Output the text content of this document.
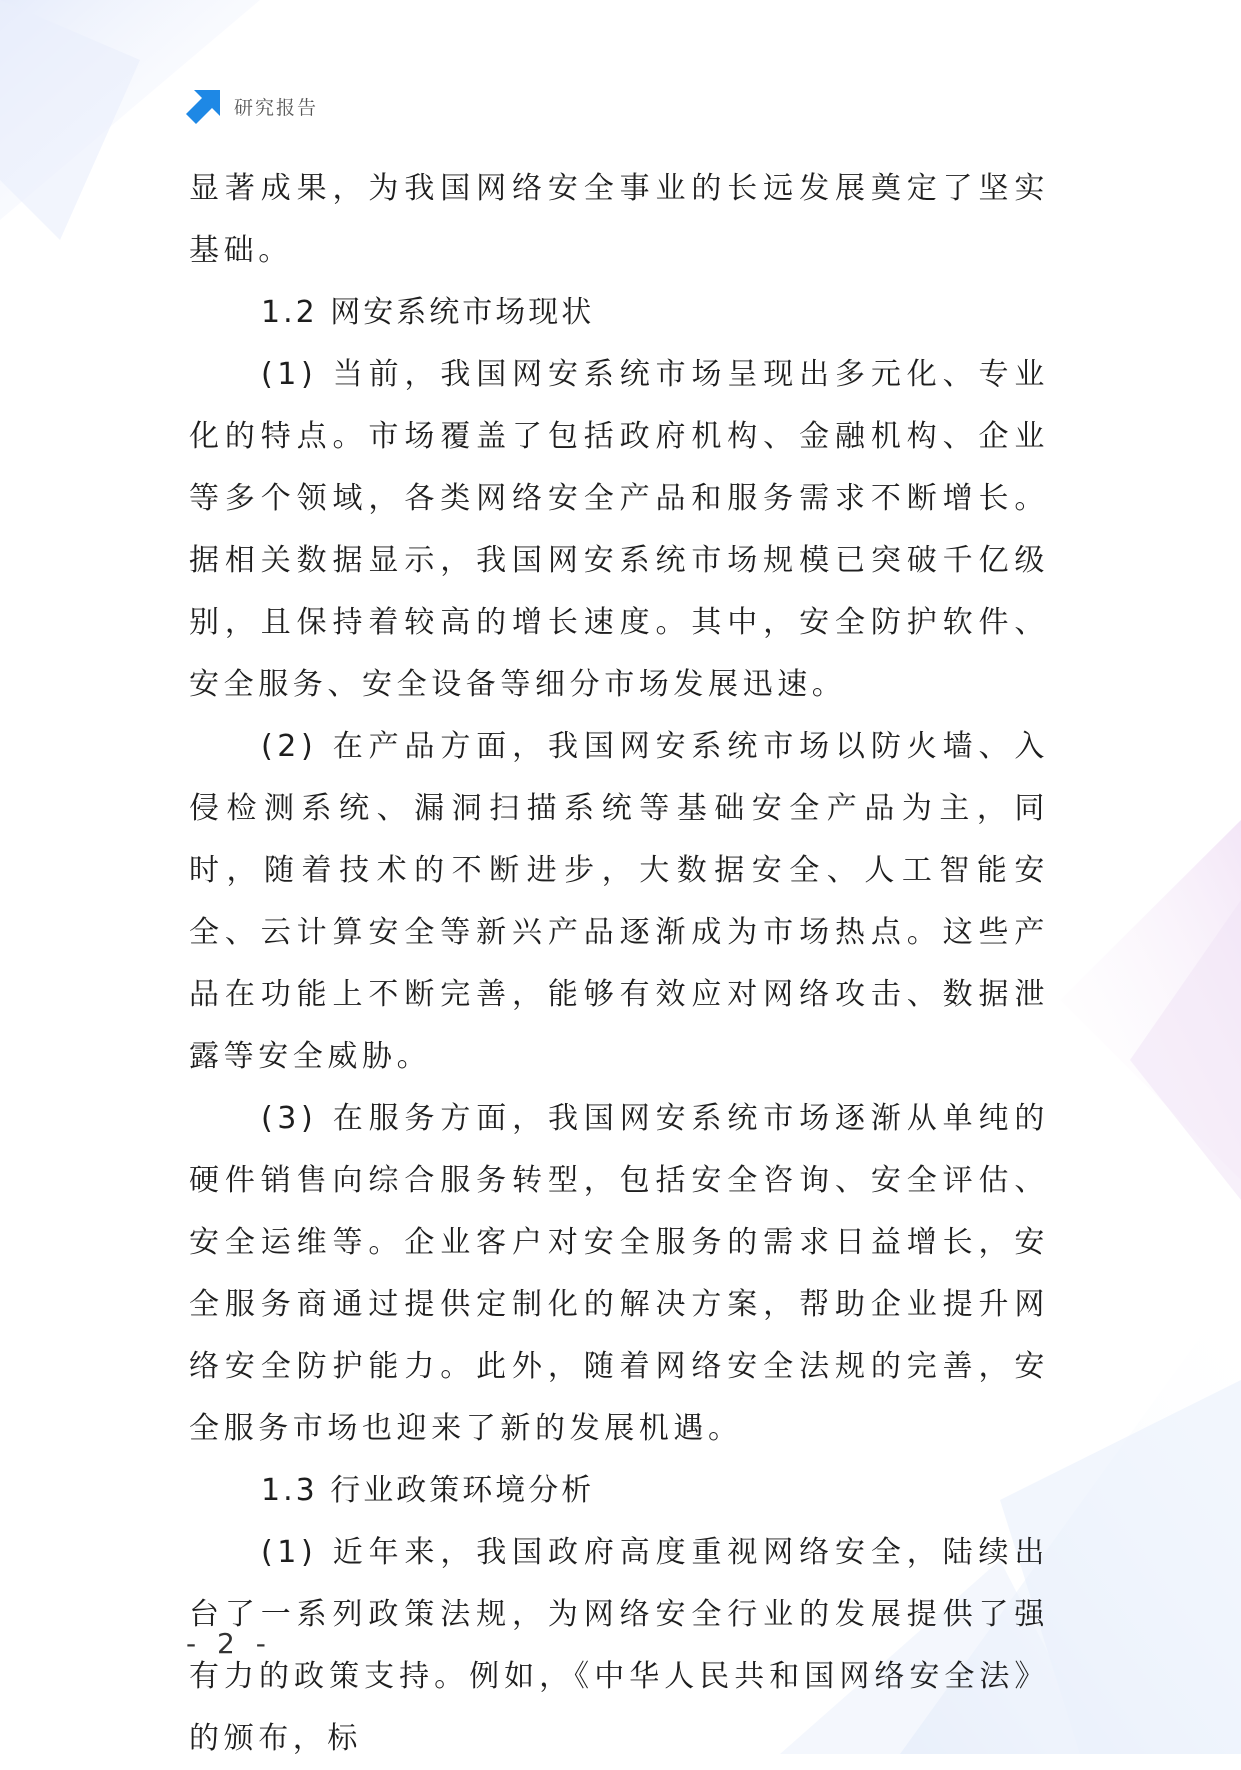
研究报告

显著成果，为我国网络安全事业的长远发展奠定了坚实基础。

1.2 网安系统市场现状

(1) 当前，我国网安系统市场呈现出多元化、专业化的特点。市场覆盖了包括政府机构、金融机构、企业等多个领域，各类网络安全产品和服务需求不断增长。据相关数据显示，我国网安系统市场规模已突破千亿级别，且保持着较高的增长速度。其中，安全防护软件、安全服务、安全设备等细分市场发展迅速。

(2) 在产品方面，我国网安系统市场以防火墙、入侵检测系统、漏洞扫描系统等基础安全产品为主，同时，随着技术的不断进步，大数据安全、人工智能安全、云计算安全等新兴产品逐渐成为市场热点。这些产品在功能上不断完善，能够有效应对网络攻击、数据泄露等安全威胁。

(3) 在服务方面，我国网安系统市场逐渐从单纯的硬件销售向综合服务转型，包括安全咨询、安全评估、安全运维等。企业客户对安全服务的需求日益增长，安全服务商通过提供定制化的解决方案，帮助企业提升网络安全防护能力。此外，随着网络安全法规的完善，安全服务市场也迎来了新的发展机遇。

1.3 行业政策环境分析

(1) 近年来，我国政府高度重视网络安全，陆续出台了一系列政策法规，为网络安全行业的发展提供了强有力的政策支持。例如，《中华人民共和国网络安全法》的颁布，标

- 2 -
